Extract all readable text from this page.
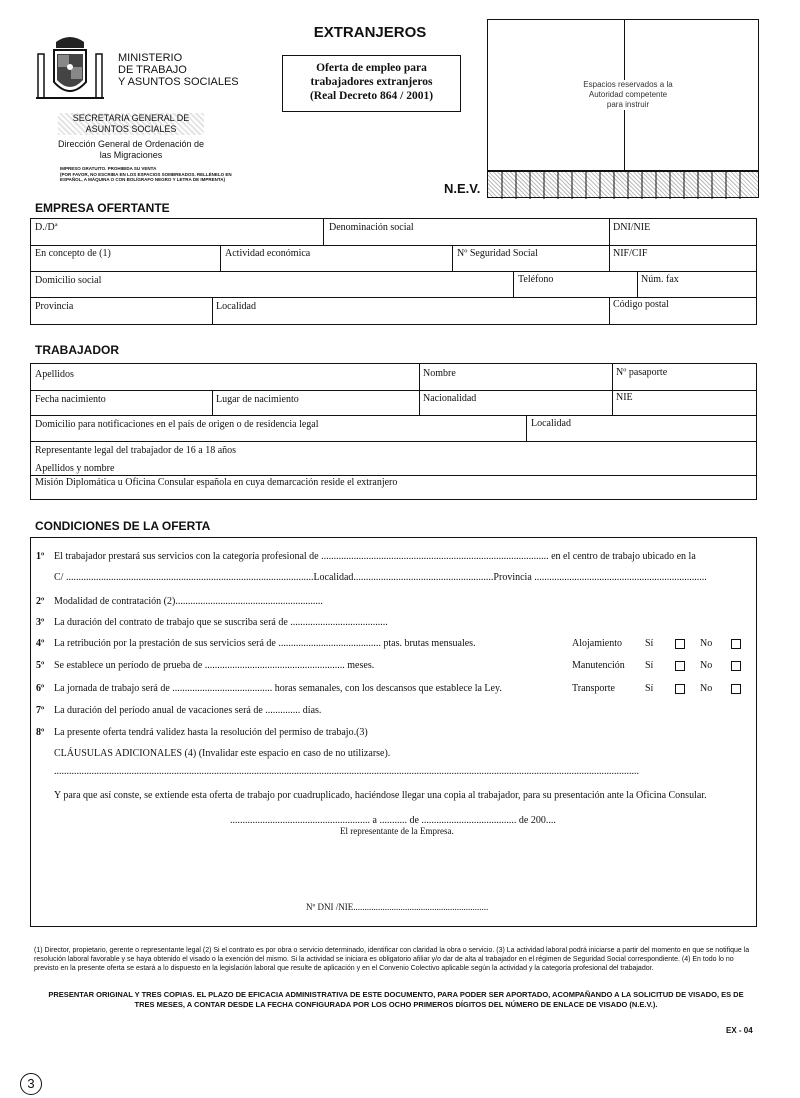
MINISTERIO
DE TRABAJO
Y ASUNTOS SOCIALES
SECRETARIA GENERAL DE
ASUNTOS SOCIALES
Dirección General de Ordenación de
las Migraciones
IMPRESO GRATUITO. PROHIBIDA SU VENTA
(POR FAVOR, NO ESCRIBA EN LOS ESPACIOS SOMBREADOS. RELLÉNELO EN
ESPAÑOL, A MÁQUINA O CON BOLÍGRAFO NEGRO Y LETRA DE IMPRENTA)
EXTRANJEROS
Oferta de empleo para
trabajadores extranjeros
(Real Decreto 864 / 2001)
Espacios reservados a la
Autoridad competente
para instruir
N.E.V.
EMPRESA OFERTANTE
D./Dª	Denominación social	DNI/NIE
En concepto de (1)	Actividad económica	Nº Seguridad Social	NIF/CIF
Domicilio social	Teléfono	Núm. fax
Provincia	Localidad	Código postal
TRABAJADOR
Apellidos	Nombre	Nº pasaporte
Fecha nacimiento	Lugar de nacimiento	Nacionalidad	NIE
Domicilio para notificaciones en el país de origen o de residencia legal	Localidad
Representante legal del trabajador de 16 a 18 años
Apellidos y nombre
Misión Diplomática u Oficina Consular española en cuya demarcación reside el extranjero
CONDICIONES DE LA OFERTA
1º El trabajador prestará sus servicios con la categoría profesional de ........................................................................................... en el centro de trabajo ubicado en la
C/ ...................................................................................................Localidad........................................................Provincia .....................................................................
2º Modalidad de contratación (2)...........................................................
3º La duración del contrato de trabajo que se suscriba será de .......................................
4º La retribución por la prestación de sus servicios será de ......................................... ptas. brutas mensuales.
5º Se establece un período de prueba de ........................................................ meses.
6º La jornada de trabajo será de ........................................ horas semanales, con los descansos que establece la Ley.
7º La duración del período anual de vacaciones será de .............. días.
8º La presente oferta tendrá validez hasta la resolución del permiso de trabajo.(3)
Alojamiento Sí	No
Manutención Sí	No
Transporte	Sí	No
CLÁUSULAS ADICIONALES (4) (Invalidar este espacio en caso de no utilizarse).
..........................................................................................................................................................................................................................................
Y para que así conste, se extiende esta oferta de trabajo por cuadruplicado, haciéndose llegar una copia al trabajador, para su presentación ante la Oficina Consular.
........................................................ a ........... de ...................................... de 200....
El representante de la Empresa.
Nº DNI /NIE............................................................
(1) Director, propietario, gerente o representante legal (2) Si el contrato es por obra o servicio determinado, identificar con claridad la obra o servicio. (3) La actividad laboral podrá iniciarse a partir del momento en que se notifique la resolución laboral favorable y se haya obtenido el visado o la exención del mismo. Si la actividad se iniciara es obligatorio afiliar y/o dar de alta al trabajador en el régimen de Seguridad Social correspondiente. (4) En todo lo no previsto en la presente oferta se estará a lo dispuesto en la legislación laboral que resulte de aplicación y en el Convenio Colectivo aplicable según la actividad y la categoría profesional del trabajador.
PRESENTAR ORIGINAL Y TRES COPIAS. EL PLAZO DE EFICACIA ADMINISTRATIVA DE ESTE DOCUMENTO, PARA PODER SER APORTADO, ACOMPAÑANDO A LA SOLICITUD DE VISADO, ES DE TRES MESES, A CONTAR DESDE LA FECHA CONFIGURADA POR LOS OCHO PRIMEROS DÍGITOS DEL NÚMERO DE ENLACE DE VISADO (N.E.V.).
EX - 04
3
